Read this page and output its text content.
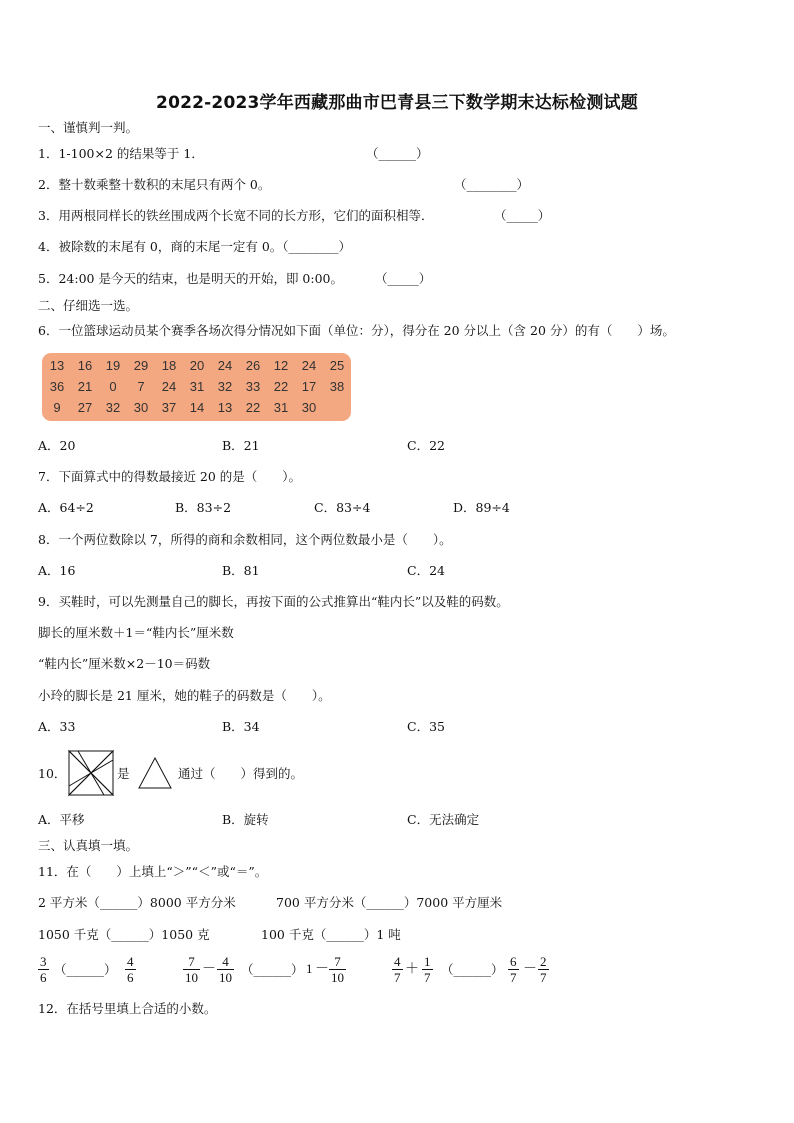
2022-2023学年西藏那曲市巴青县三下数学期末达标检测试题
一、谨慎判一判。
1．1-100×2 的结果等于 1．	（______）
2．整十数乘整十数积的末尾只有两个 0。	（________）
3．用两根同样长的铁丝围成两个长宽不同的长方形，它们的面积相等．	（_____）
4．被除数的末尾有 0，商的末尾一定有 0。（________）
5．24:00 是今天的结束，也是明天的开始，即 0:00。	（_____）
二、仔细选一选。
6．一位篮球运动员某个赛季各场次得分情况如下面（单位：分），得分在 20 分以上（含 20 分）的有（　　）场。
13	16	19	29	18	20	24	26	12	24	25
36	21	0	7	24	31	32	33	22	17	38
9	27	32	30	37	14	13	22	31	30
A．20	B．21	C．22
7．下面算式中的得数最接近 20 的是（　　）。
A．64÷2	B．83÷2	C．83÷4	D．89÷4
8．一个两位数除以 7，所得的商和余数相同，这个两位数最小是（　　）。
A．16	B．81	C．24
9．买鞋时，可以先测量自己的脚长，再按下面的公式推算出“鞋内长”以及鞋的码数。
脚长的厘米数＋1＝“鞋内长”厘米数
“鞋内长”厘米数×2－10＝码数
小玲的脚长是 21 厘米，她的鞋子的码数是（　　）。
A．33	B．34	C．35
10．	是	通过（　　）得到的。
A．平移	B．旋转	C．无法确定
三、认真填一填。
11．在（　　）上填上“＞”“＜”或“＝”。
2 平方米（______）8000 平方分米	700 平方分米（______）7000 平方厘米
1050 千克（______）1050 克	100 千克（______）1 吨
$\frac{3}{6}$ （______） $\frac{4}{6}$	$\frac{7}{10} - \frac{4}{10}$ （______） $1 - \frac{7}{10}$	$\frac{4}{7} + \frac{1}{7}$ （______） $\frac{6}{7} - \frac{2}{7}$
12．在括号里填上合适的小数。
